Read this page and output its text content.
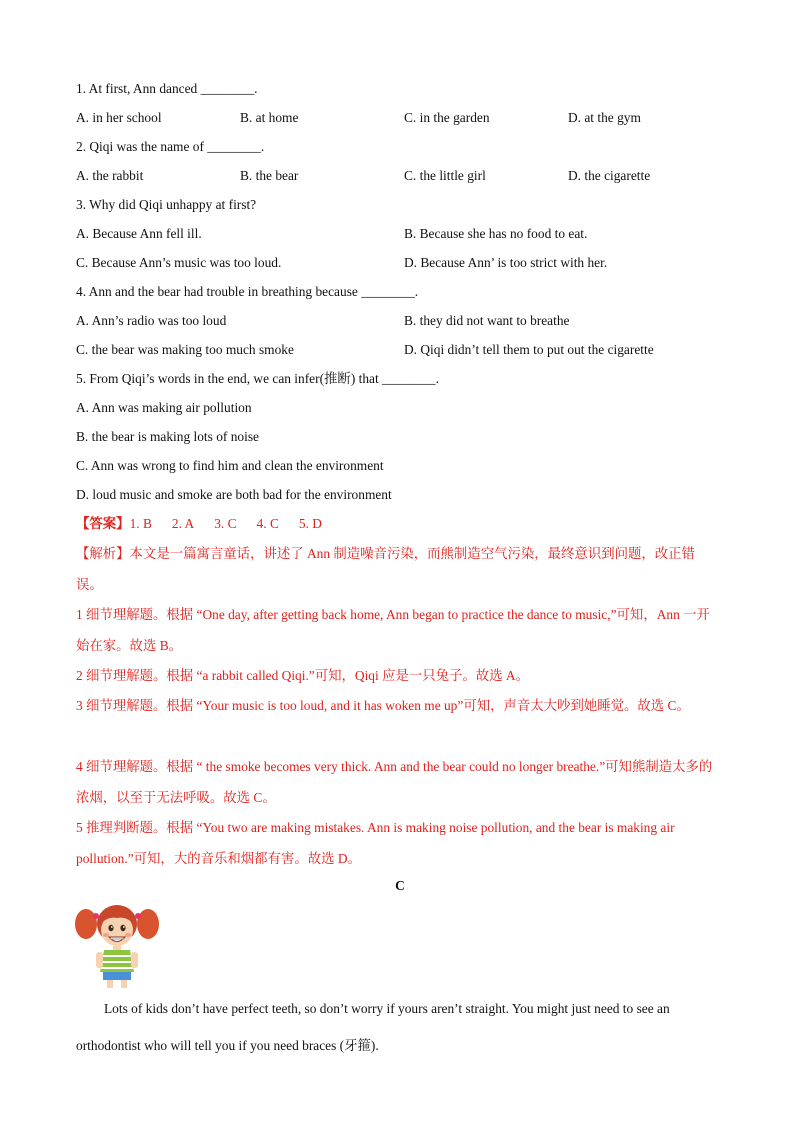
1. At first, Ann danced ________.
A. in her school	B. at home	C. in the garden	D. at the gym
2. Qiqi was the name of ________.
A. the rabbit	B. the bear	C. the little girl	D. the cigarette
3. Why did Qiqi unhappy at first?
A. Because Ann fell ill.	B. Because she has no food to eat.
C. Because Ann’s music was too loud.	D. Because Ann’ is too strict with her.
4. Ann and the bear had trouble in breathing because ________.
A. Ann’s radio was too loud	B. they did not want to breathe
C. the bear was making too much smoke	D. Qiqi didn’t tell them to put out the cigarette
5. From Qiqi’s words in the end, we can infer(推断) that ________.
A. Ann was making air pollution
B. the bear is making lots of noise
C. Ann was wrong to find him and clean the environment
D. loud music and smoke are both bad for the environment
【答案】1. B 2. A 3. C 4. C 5. D
【解析】本文是一篇寓言童话，讲述了 Ann 制造噪音污染，而熊制造空气污染，最终意识到问题，改正错误。
1 细节理解题。根据 “One day, after getting back home, Ann began to practice the dance to music,”可知，Ann 一开始在家。故选 B。
2 细节理解题。根据 “a rabbit called Qiqi.”可知，Qiqi 应是一只兔子。故选 A。
3 细节理解题。根据 “Your music is too loud, and it has woken me up”可知，声音太大吵到她睡觉。故选 C。
4 细节理解题。根据 “ the smoke becomes very thick. Ann and the bear could no longer breathe.”可知熊制造太多的浓烟，以至于无法呼吸。故选 C。
5 推理判断题。根据 “You two are making mistakes. Ann is making noise pollution, and the bear is making air pollution.”可知，大的音乐和烟都有害。故选 D。
C
Lots of kids don’t have perfect teeth, so don’t worry if yours aren’t straight. You might just need to see an orthodontist who will tell you if you need braces (牙箍).
